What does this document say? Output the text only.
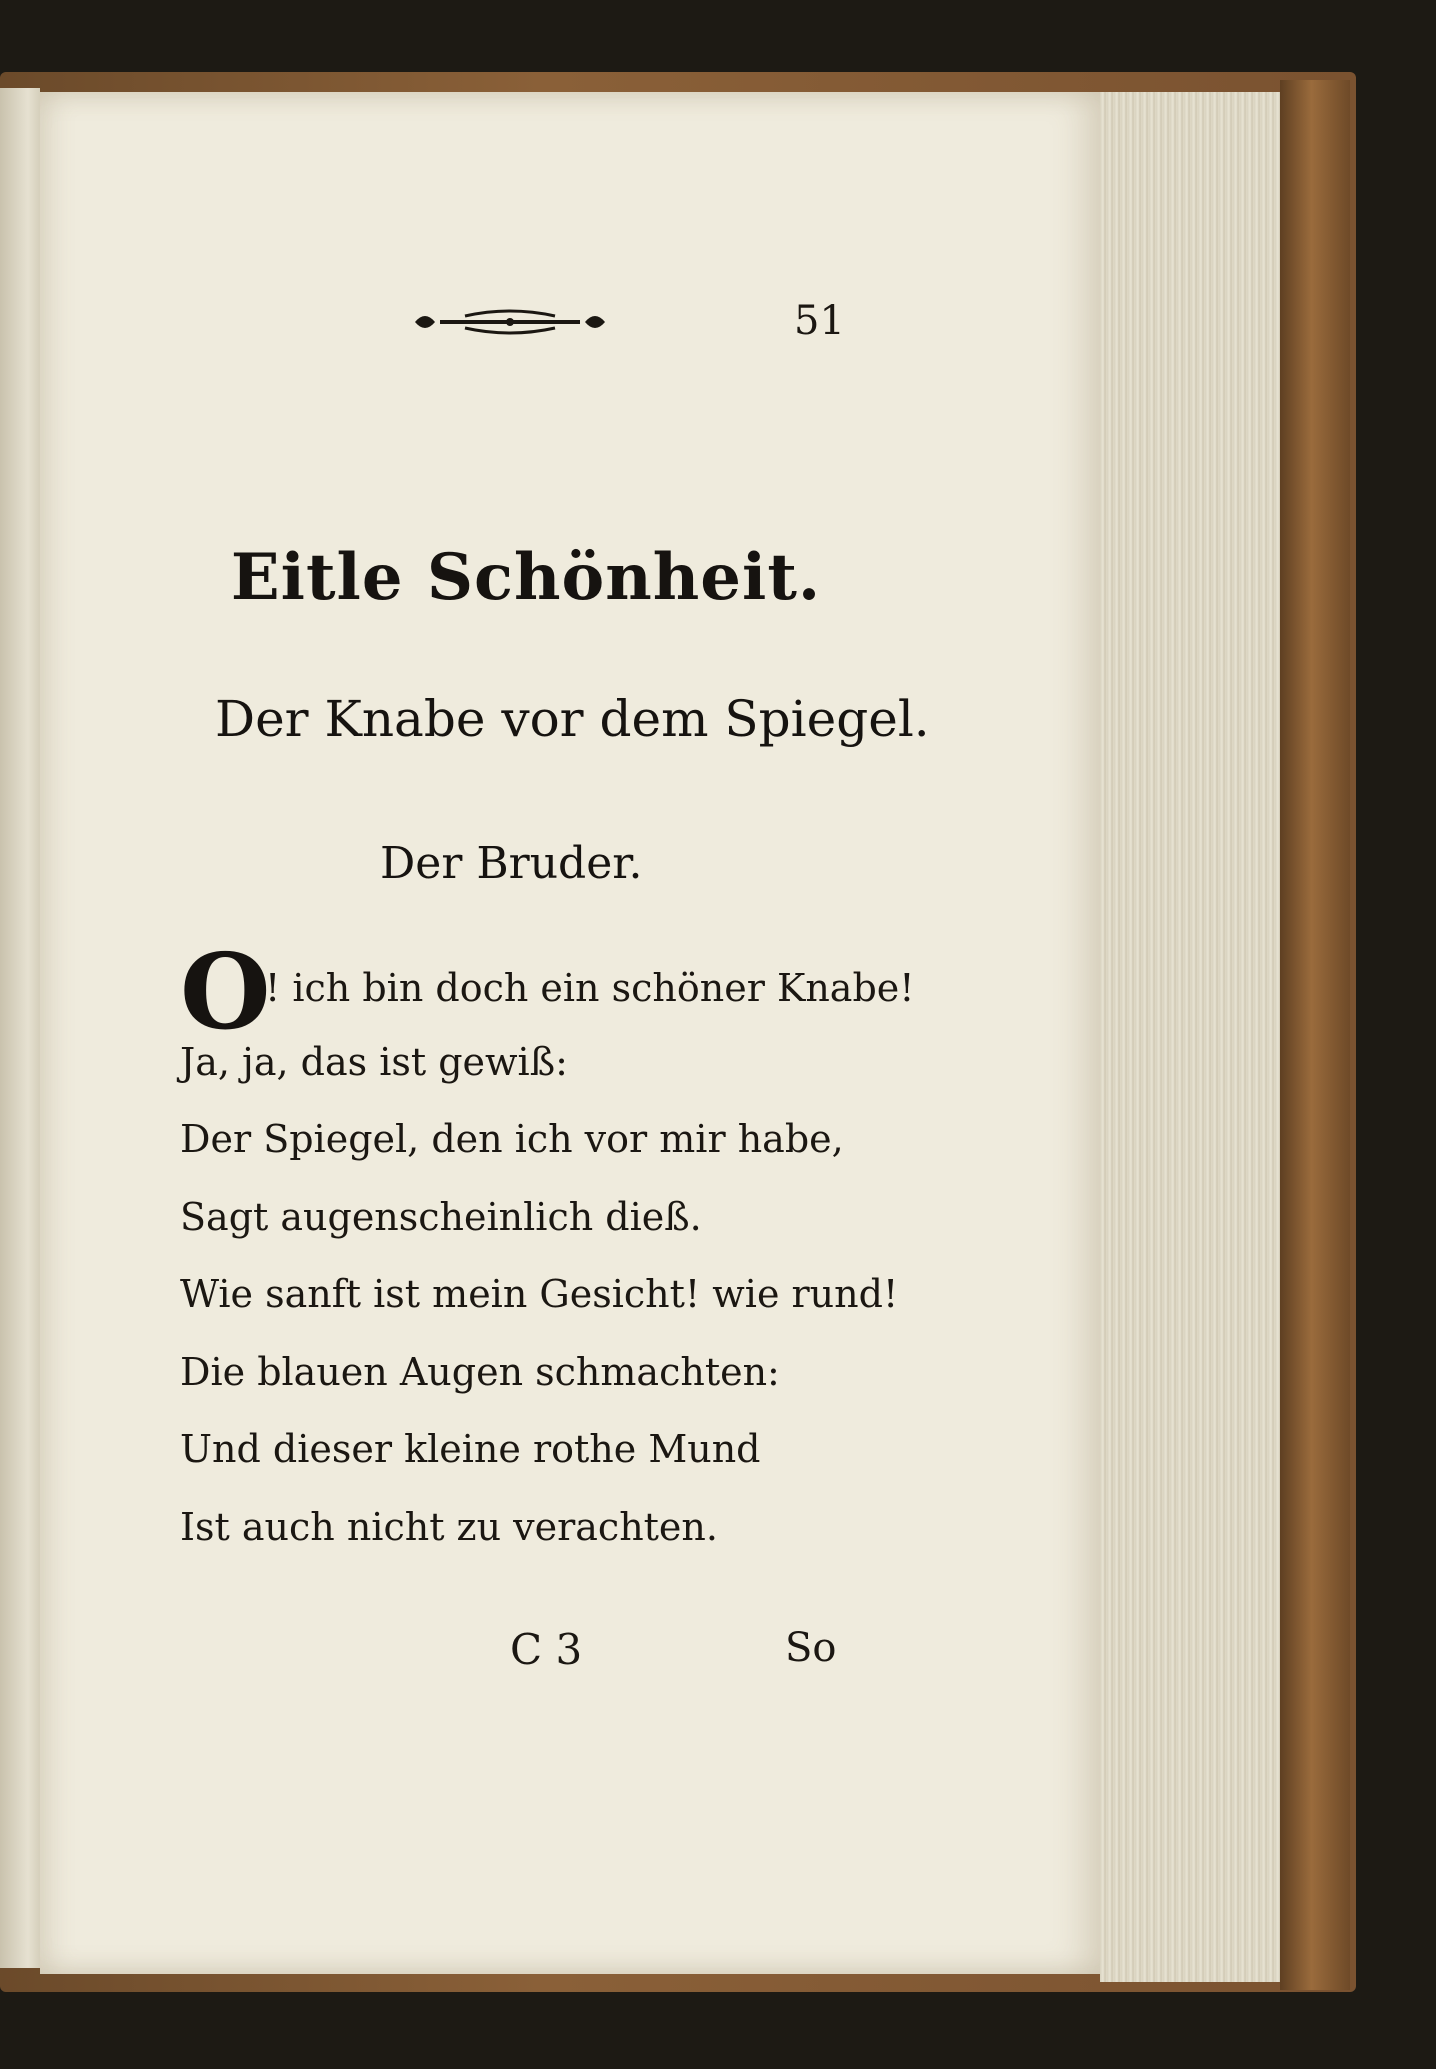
51
Eitle Schönheit.
Der Knabe vor dem Spiegel.
Der Bruder.
O
! ich bin doch ein schöner Knabe!
Ja, ja, das ist gewiß:
Der Spiegel, den ich vor mir habe,
Sagt augenscheinlich dieß.
Wie sanft ist mein Gesicht! wie rund!
Die blauen Augen schmachten:
Und dieser kleine rothe Mund
Ist auch nicht zu verachten.
C 3	So
